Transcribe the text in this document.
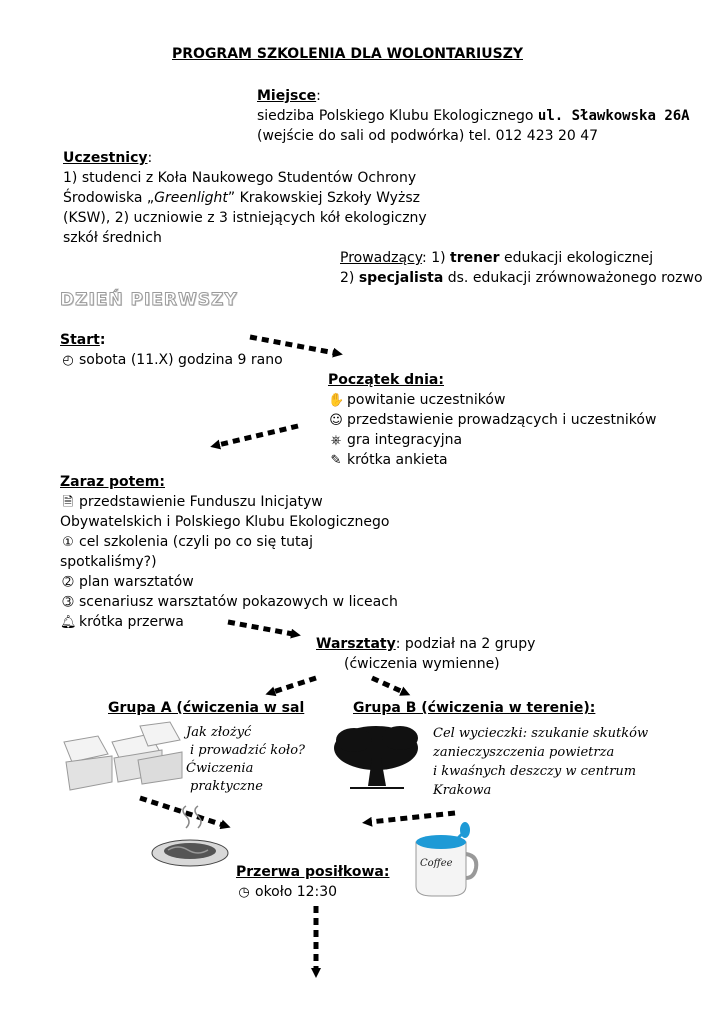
PROGRAM SZKOLENIA DLA WOLONTARIUSZY
Miejsce:
siedziba Polskiego Klubu Ekologicznego ul. Sławkowska 26A
(wejście do sali od podwórka) tel. 012 423 20 47
Uczestnicy:
1) studenci z Koła Naukowego Studentów Ochrony
Środowiska „Greenlight” Krakowskiej Szkoły Wyższ
(KSW), 2) uczniowie z 3 istniejących kół ekologiczny
szkół średnich
Prowadzący: 1) trener edukacji ekologicznej
2) specjalista ds. edukacji zrównoważonego rozwo
DZIEŃ PIERWSZY
Start:
◴ sobota (11.X) godzina 9 rano
Początek dnia:
✋ powitanie uczestników
☺ przedstawienie prowadzących i uczestników
⎈ gra integracyjna
✎ krótka ankieta
Zaraz potem:
🗎 przedstawienie Funduszu Inicjatyw
Obywatelskich i Polskiego Klubu Ekologicznego
① cel szkolenia (czyli po co się tutaj
spotkaliśmy?)
➁ plan warsztatów
➂ scenariusz warsztatów pokazowych w liceach
🔔︎ krótka przerwa
Warsztaty: podział na 2 grupy
(ćwiczenia wymienne)
Grupa A (ćwiczenia w sal	Grupa B (ćwiczenia w terenie):
Jak złożyć
i prowadzić koło?
Ćwiczenia
praktyczne
Cel wycieczki: szukanie skutków
zanieczyszczenia powietrza
i kwaśnych deszczy w centrum
Krakowa
Przerwa posiłkowa:
◷ około 12:30
Coffee
